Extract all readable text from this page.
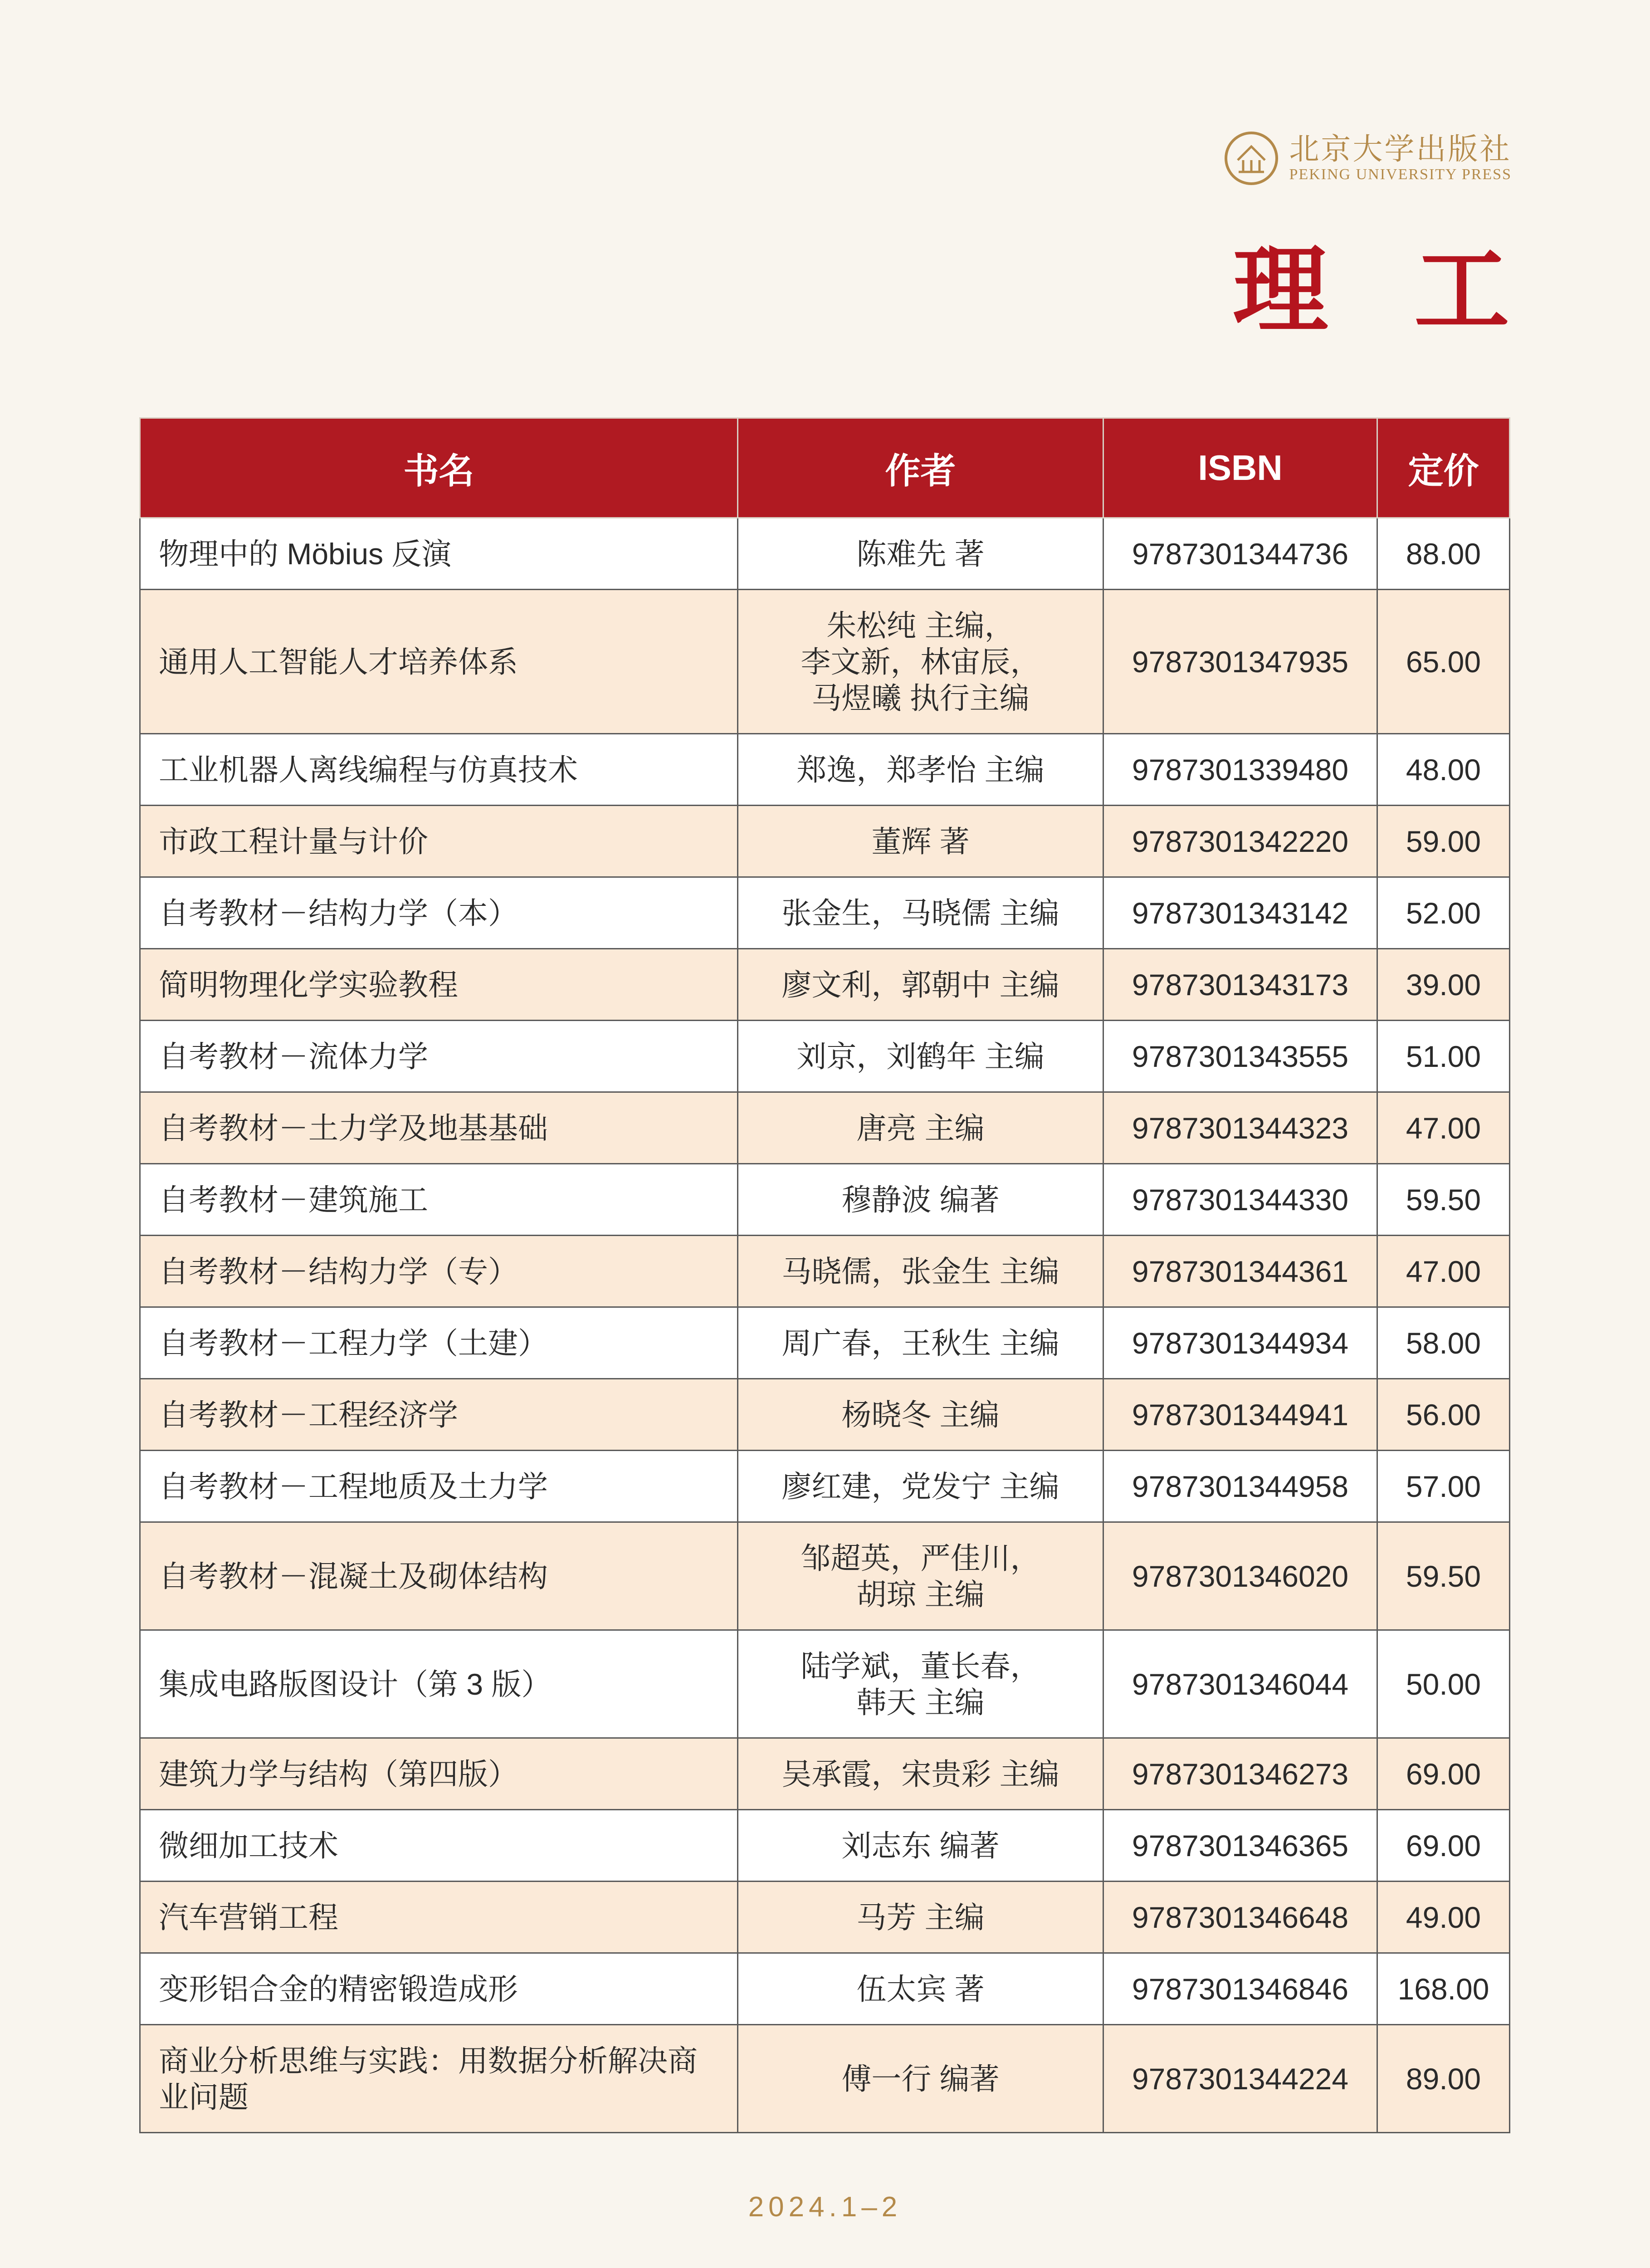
北京大学出版社
PEKING UNIVERSITY PRESS
理工
书名	作者	ISBN	定价
物理中的 Möbius 反演	陈难先 著	9787301344736	88.00
通用人工智能人才培养体系	朱松纯 主编，
李文新，林宙辰，
马煜曦 执行主编	9787301347935	65.00
工业机器人离线编程与仿真技术	郑逸，郑孝怡 主编	9787301339480	48.00
市政工程计量与计价	董辉 著	9787301342220	59.00
自考教材－结构力学（本）	张金生，马晓儒 主编	9787301343142	52.00
简明物理化学实验教程	廖文利，郭朝中 主编	9787301343173	39.00
自考教材－流体力学	刘京，刘鹤年 主编	9787301343555	51.00
自考教材－土力学及地基基础	唐亮 主编	9787301344323	47.00
自考教材－建筑施工	穆静波 编著	9787301344330	59.50
自考教材－结构力学（专）	马晓儒，张金生 主编	9787301344361	47.00
自考教材－工程力学（土建）	周广春，王秋生 主编	9787301344934	58.00
自考教材－工程经济学	杨晓冬 主编	9787301344941	56.00
自考教材－工程地质及土力学	廖红建，党发宁 主编	9787301344958	57.00
自考教材－混凝土及砌体结构	邹超英，严佳川，
胡琼 主编	9787301346020	59.50
集成电路版图设计（第 3 版）	陆学斌，董长春，
韩天 主编	9787301346044	50.00
建筑力学与结构（第四版）	吴承霞，宋贵彩 主编	9787301346273	69.00
微细加工技术	刘志东 编著	9787301346365	69.00
汽车营销工程	马芳 主编	9787301346648	49.00
变形铝合金的精密锻造成形	伍太宾 著	9787301346846	168.00
商业分析思维与实践：用数据分析解决商业问题	傅一行 编著	9787301344224	89.00
2024.1–2
